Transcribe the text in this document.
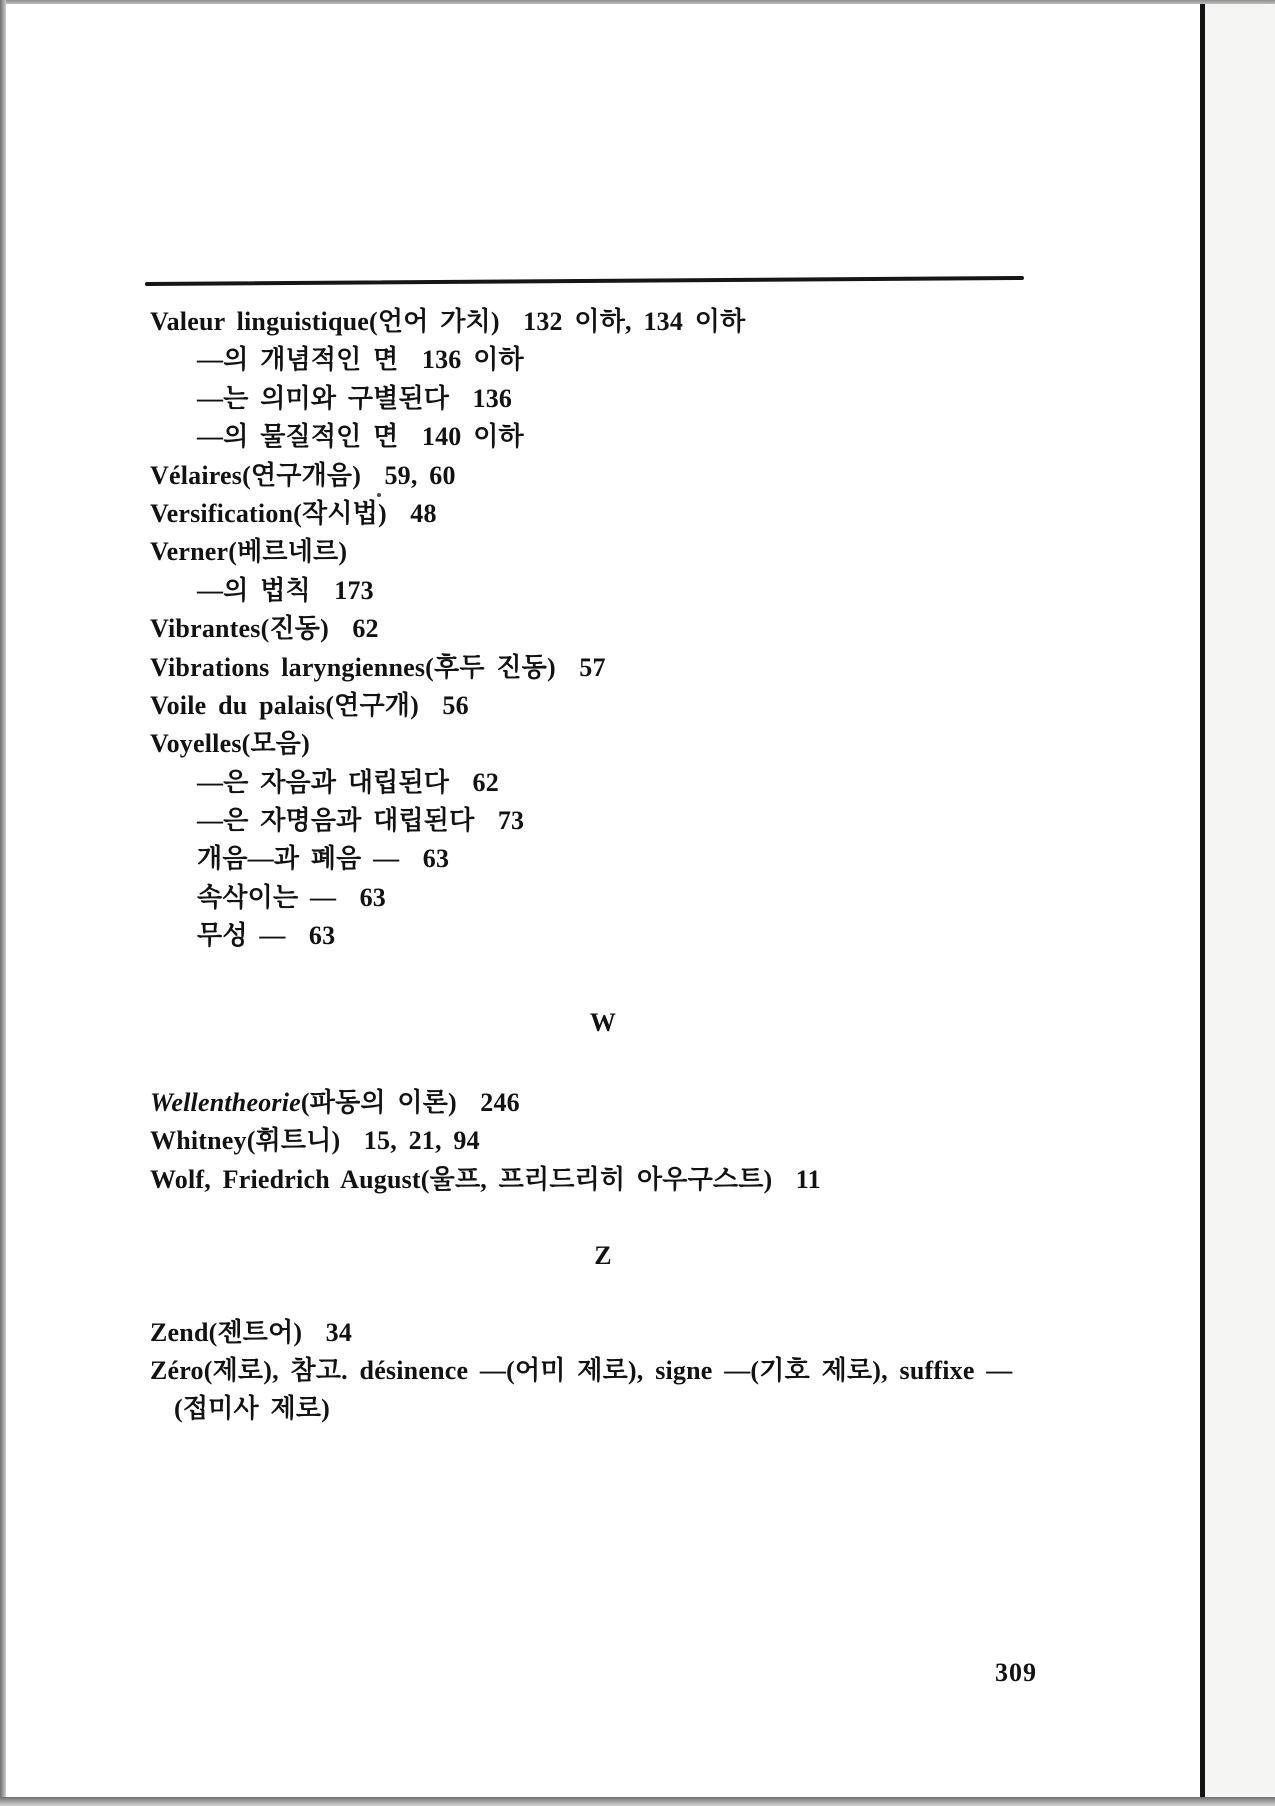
Valeur linguistique(언어 가치)  132 이하, 134 이하
—의 개념적인 면  136 이하
—는 의미와 구별된다  136
—의 물질적인 면  140 이하
Vélaires(연구개음)  59, 60
Versification(작시법)  48
Verner(베르네르)
—의 법칙  173
Vibrantes(진동)  62
Vibrations laryngiennes(후두 진동)  57
Voile du palais(연구개)  56
Voyelles(모음)
—은 자음과 대립된다  62
—은 자명음과 대립된다  73
개음—과 폐음 —  63
속삭이는 —  63
무성 —  63
W
Wellentheorie(파동의 이론)  246
Whitney(휘트니)  15, 21, 94
Wolf, Friedrich August(울프, 프리드리히 아우구스트)  11
Z
Zend(젠트어)  34
Zéro(제로), 참고. désinence —(어미 제로), signe —(기호 제로), suffixe —
(접미사 제로)
309
